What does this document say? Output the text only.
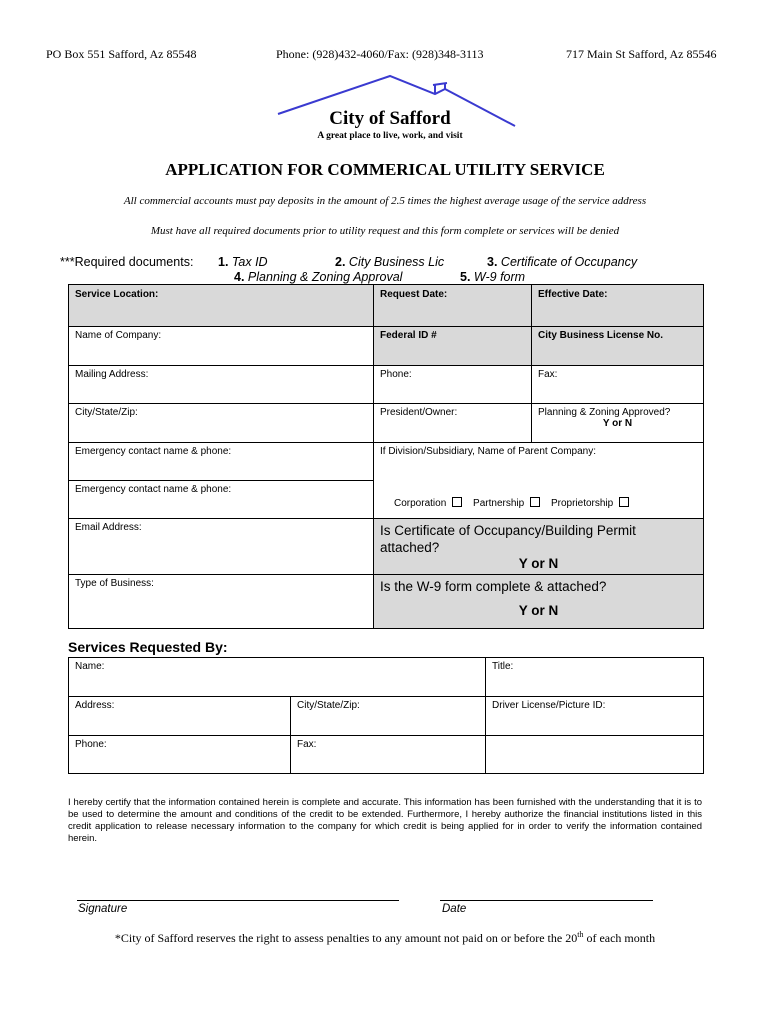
PO Box 551 Safford, Az 85548	Phone: (928)432-4060/Fax: (928)348-3113	717 Main St Safford, Az 85546
City of Safford
A great place to live, work, and visit
APPLICATION FOR COMMERICAL UTILITY SERVICE
All commercial accounts must pay deposits in the amount of 2.5 times the highest average usage of the service address
Must have all required documents prior to utility request and this form complete or services will be denied
***Required documents: 1. Tax ID	2. City Business Lic	3. Certificate of Occupancy
4. Planning & Zoning Approval	5. W-9 form
Service Location:	Request Date:	Effective Date:
Name of Company:	Federal ID #	City Business License No.
Mailing Address:	Phone:	Fax:
City/State/Zip:	President/Owner:	Planning & Zoning Approved?
Y or N

Emergency contact name & phone:	If Division/Subsidiary, Name of Parent Company:
Corporation Partnership Proprietorship	

Emergency contact name & phone:		
Email Address:	Is Certificate of Occupancy/Building Permit attached?
Y or N	

Type of Business:	Is the W-9 form complete & attached?
Y or N	
Services Requested By:
Name:		Title:
Address:	City/State/Zip:	Driver License/Picture ID:
Phone:	Fax:	
I hereby certify that the information contained herein is complete and accurate. This information has been furnished with the understanding that it is to be used to determine the amount and conditions of the credit to be extended. Furthermore, I hereby authorize the financial institutions listed in this credit application to release necessary information to the company for which credit is being applied for in order to verify the information contained herein.
Signature	Date
*City of Safford reserves the right to assess penalties to any amount not paid on or before the 20th of each month
